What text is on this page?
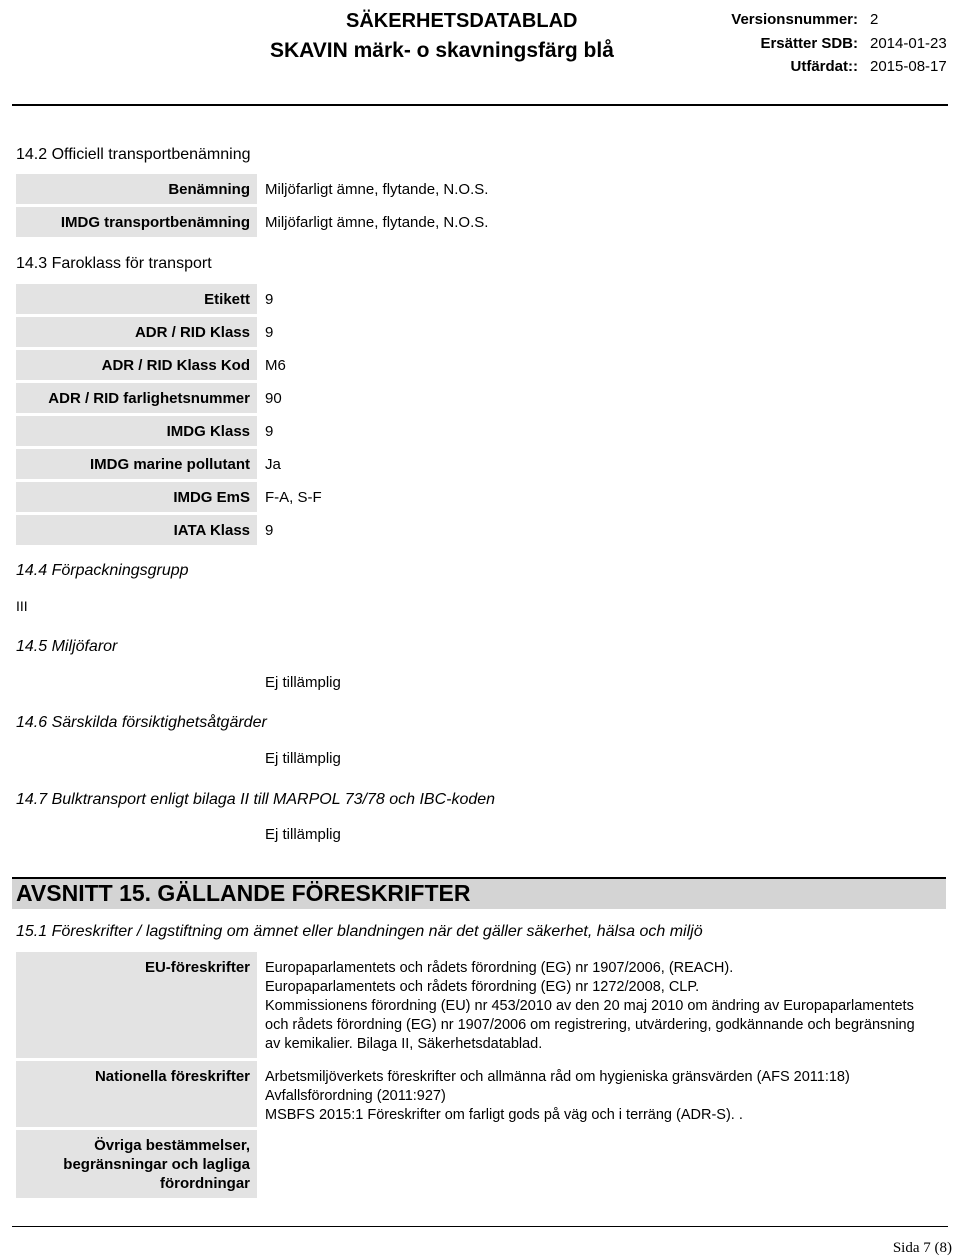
SÄKERHETSDATABLAD
SKAVIN märk- o skavningsfärg blå
Versionsnummer: 2
Ersätter SDB: 2014-01-23
Utfärdat:: 2015-08-17
14.2 Officiell transportbenämning
Benämning	Miljöfarligt ämne, flytande, N.O.S.
IMDG transportbenämning	Miljöfarligt ämne, flytande, N.O.S.
14.3 Faroklass för transport
Etikett	9
ADR / RID Klass	9
ADR / RID Klass Kod	M6
ADR / RID farlighetsnummer	90
IMDG Klass	9
IMDG marine pollutant	Ja
IMDG EmS	F-A, S-F
IATA Klass	9
14.4 Förpackningsgrupp
III
14.5 Miljöfaror
Ej tillämplig
14.6 Särskilda försiktighetsåtgärder
Ej tillämplig
14.7 Bulktransport enligt bilaga II till MARPOL 73/78 och IBC-koden
Ej tillämplig
AVSNITT 15. GÄLLANDE FÖRESKRIFTER
15.1 Föreskrifter / lagstiftning om ämnet eller blandningen när det gäller säkerhet, hälsa och miljö
EU-föreskrifter	Europaparlamentets och rådets förordning (EG) nr 1907/2006, (REACH).
Europaparlamentets och rådets förordning (EG) nr 1272/2008, CLP.
Kommissionens förordning (EU) nr 453/2010 av den 20 maj 2010 om ändring av Europaparlamentets
och rådets förordning (EG) nr 1907/2006 om registrering, utvärdering, godkännande och begränsning
av kemikalier. Bilaga II, Säkerhetsdatablad.
Nationella föreskrifter	Arbetsmiljöverkets föreskrifter och allmänna råd om hygieniska gränsvärden (AFS 2011:18)
Avfallsförordning (2011:927)
MSBFS 2015:1 Föreskrifter om farligt gods på väg och i terräng (ADR-S). .
Övriga bestämmelser,
begränsningar och lagliga
förordningar
Sida 7 (8)
